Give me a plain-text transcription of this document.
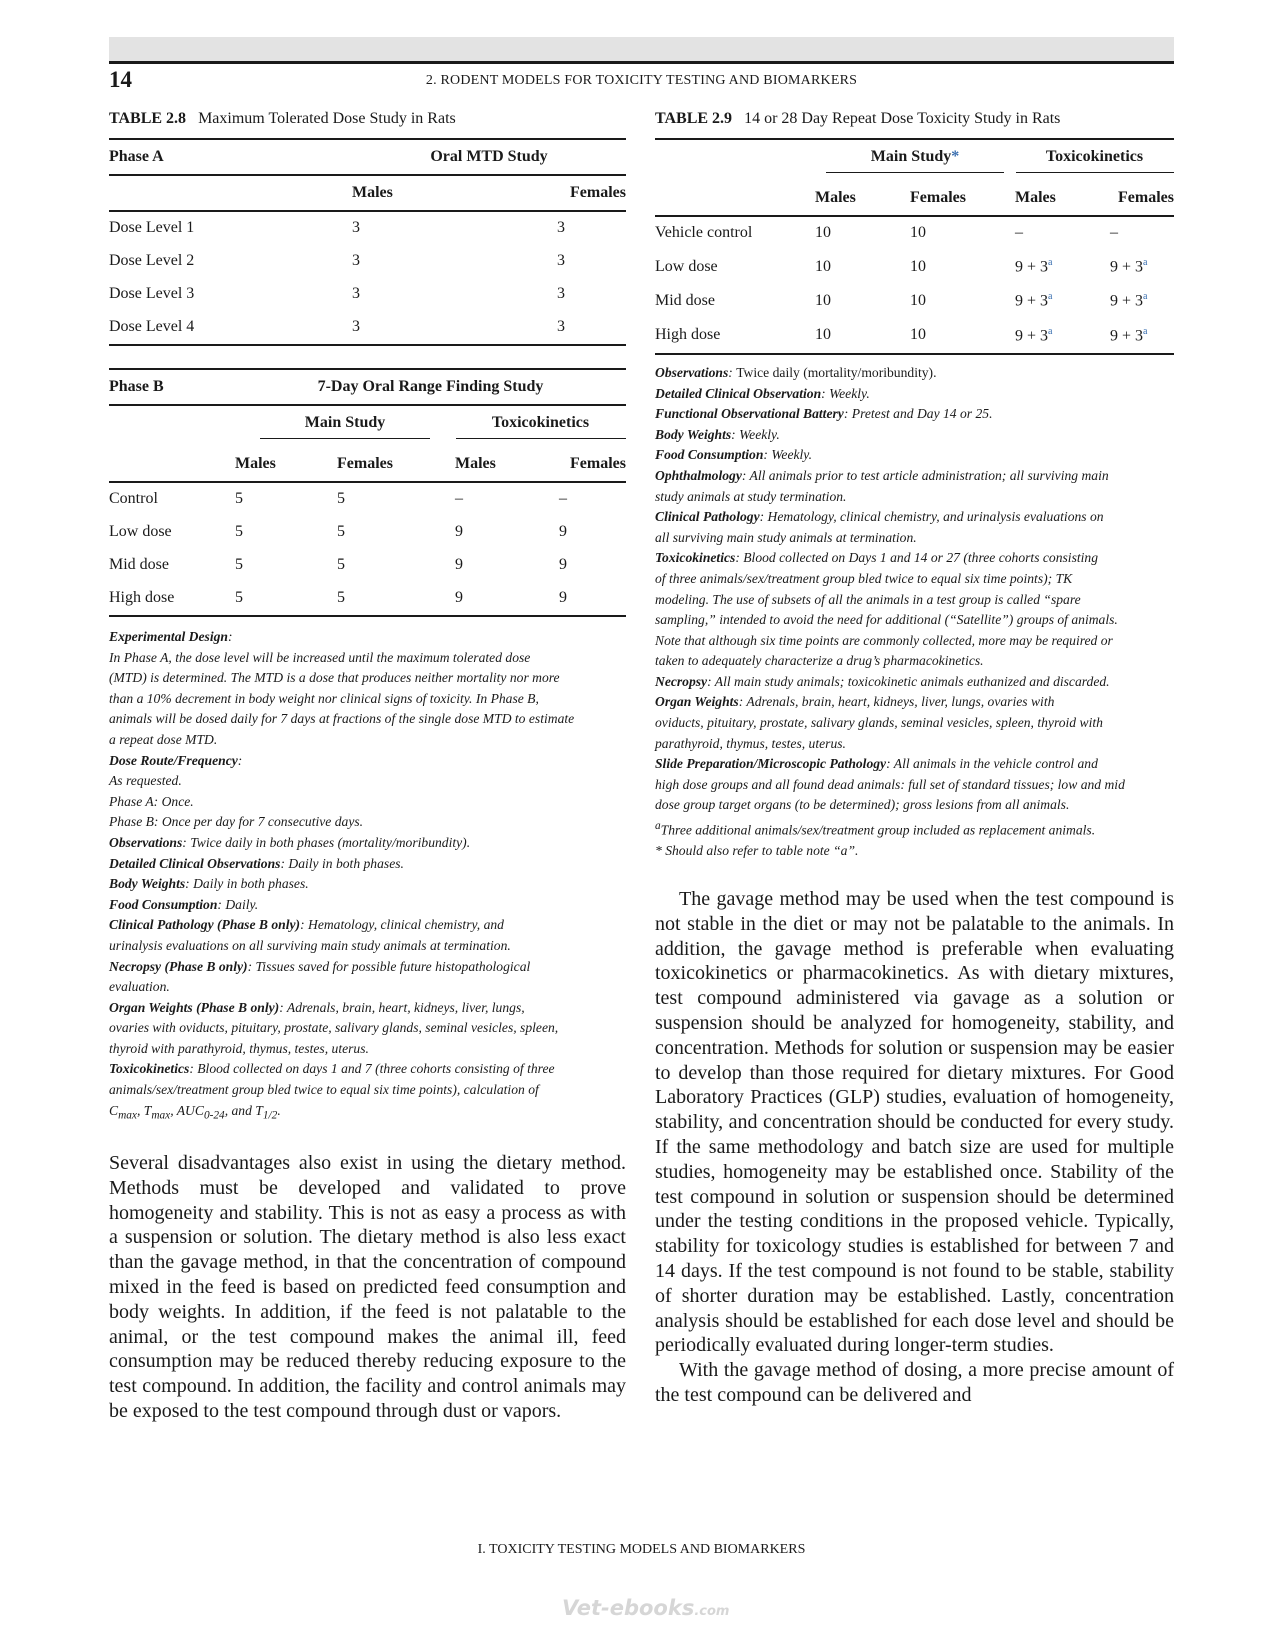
14	2. RODENT MODELS FOR TOXICITY TESTING AND BIOMARKERS
TABLE 2.8 Maximum Tolerated Dose Study in Rats
Phase A	Oral MTD Study	
	Males	Females
Dose Level 1	3	3
Dose Level 2	3	3
Dose Level 3	3	3
Dose Level 4	3	3
Phase B	7-Day Oral Range Finding Study			
	Main Study		Toxicokinetics	
	Males	Females	Males	Females
Control	5	5	–	–
Low dose	5	5	9	9
Mid dose	5	5	9	9
High dose	5	5	9	9
Experimental Design:
In Phase A, the dose level will be increased until the maximum tolerated dose
(MTD) is determined. The MTD is a dose that produces neither mortality nor more
than a 10% decrement in body weight nor clinical signs of toxicity. In Phase B,
animals will be dosed daily for 7 days at fractions of the single dose MTD to estimate
a repeat dose MTD.
Dose Route/Frequency:
As requested.
Phase A: Once.
Phase B: Once per day for 7 consecutive days.
Observations: Twice daily in both phases (mortality/moribundity).
Detailed Clinical Observations: Daily in both phases.
Body Weights: Daily in both phases.
Food Consumption: Daily.
Clinical Pathology (Phase B only): Hematology, clinical chemistry, and
urinalysis evaluations on all surviving main study animals at termination.
Necropsy (Phase B only): Tissues saved for possible future histopathological
evaluation.
Organ Weights (Phase B only): Adrenals, brain, heart, kidneys, liver, lungs,
ovaries with oviducts, pituitary, prostate, salivary glands, seminal vesicles, spleen,
thyroid with parathyroid, thymus, testes, uterus.
Toxicokinetics: Blood collected on days 1 and 7 (three cohorts consisting of three
animals/sex/treatment group bled twice to equal six time points), calculation of
$C_{max}$, $T_{max}$, $AUC_{0-24}$, and $T_{1/2}$.

Several disadvantages also exist in using the dietary method. Methods must be developed and validated to prove homogeneity and stability. This is not as easy a process as with a suspension or solution. The dietary method is also less exact than the gavage method, in that the concentration of compound mixed in the feed is based on predicted feed consumption and body weights. In addition, if the feed is not palatable to the animal, or the test compound makes the animal ill, feed consumption may be reduced thereby reducing exposure to the test compound. In addition, the facility and control animals may be exposed to the test compound through dust or vapors.

TABLE 2.9 14 or 28 Day Repeat Dose Toxicity Study in Rats
	Main Study*		Toxicokinetics	
	Males	Females	Males	Females
Vehicle control	10	10	–	–
Low dose	10	10	9 + 3$^a$	9 + 3$^a$
Mid dose	10	10	9 + 3$^a$	9 + 3$^a$
High dose	10	10	9 + 3$^a$	9 + 3$^a$
Observations: Twice daily (mortality/moribundity).
Detailed Clinical Observation: Weekly.
Functional Observational Battery: Pretest and Day 14 or 25.
Body Weights: Weekly.
Food Consumption: Weekly.
Ophthalmology: All animals prior to test article administration; all surviving main
study animals at study termination.
Clinical Pathology: Hematology, clinical chemistry, and urinalysis evaluations on
all surviving main study animals at termination.
Toxicokinetics: Blood collected on Days 1 and 14 or 27 (three cohorts consisting
of three animals/sex/treatment group bled twice to equal six time points); TK
modeling. The use of subsets of all the animals in a test group is called “spare
sampling,” intended to avoid the need for additional (“Satellite”) groups of animals.
Note that although six time points are commonly collected, more may be required or
taken to adequately characterize a drug’s pharmacokinetics.
Necropsy: All main study animals; toxicokinetic animals euthanized and discarded.
Organ Weights: Adrenals, brain, heart, kidneys, liver, lungs, ovaries with
oviducts, pituitary, prostate, salivary glands, seminal vesicles, spleen, thyroid with
parathyroid, thymus, testes, uterus.
Slide Preparation/Microscopic Pathology: All animals in the vehicle control and
high dose groups and all found dead animals: full set of standard tissues; low and mid
dose group target organs (to be determined); gross lesions from all animals.
$^a$Three additional animals/sex/treatment group included as replacement animals.
* Should also refer to table note “a”.

The gavage method may be used when the test compound is not stable in the diet or may not be palatable to the animals. In addition, the gavage method is preferable when evaluating toxicokinetics or pharmacokinetics. As with dietary mixtures, test compound administered via gavage as a solution or suspension should be analyzed for homogeneity, stability, and concentration. Methods for solution or suspension may be easier to develop than those required for dietary mixtures. For Good Laboratory Practices (GLP) studies, evaluation of homogeneity, stability, and concentration should be conducted for every study. If the same methodology and batch size are used for multiple studies, homogeneity may be established once. Stability of the test compound in solution or suspension should be determined under the testing conditions in the proposed vehicle. Typically, stability for toxicology studies is established for between 7 and 14 days. If the test compound is not found to be stable, stability of shorter duration may be established. Lastly, concentration analysis should be established for each dose level and should be periodically evaluated during longer-term studies.

With the gavage method of dosing, a more precise amount of the test compound can be delivered and

I. TOXICITY TESTING MODELS AND BIOMARKERS
Vet-ebooks.com
